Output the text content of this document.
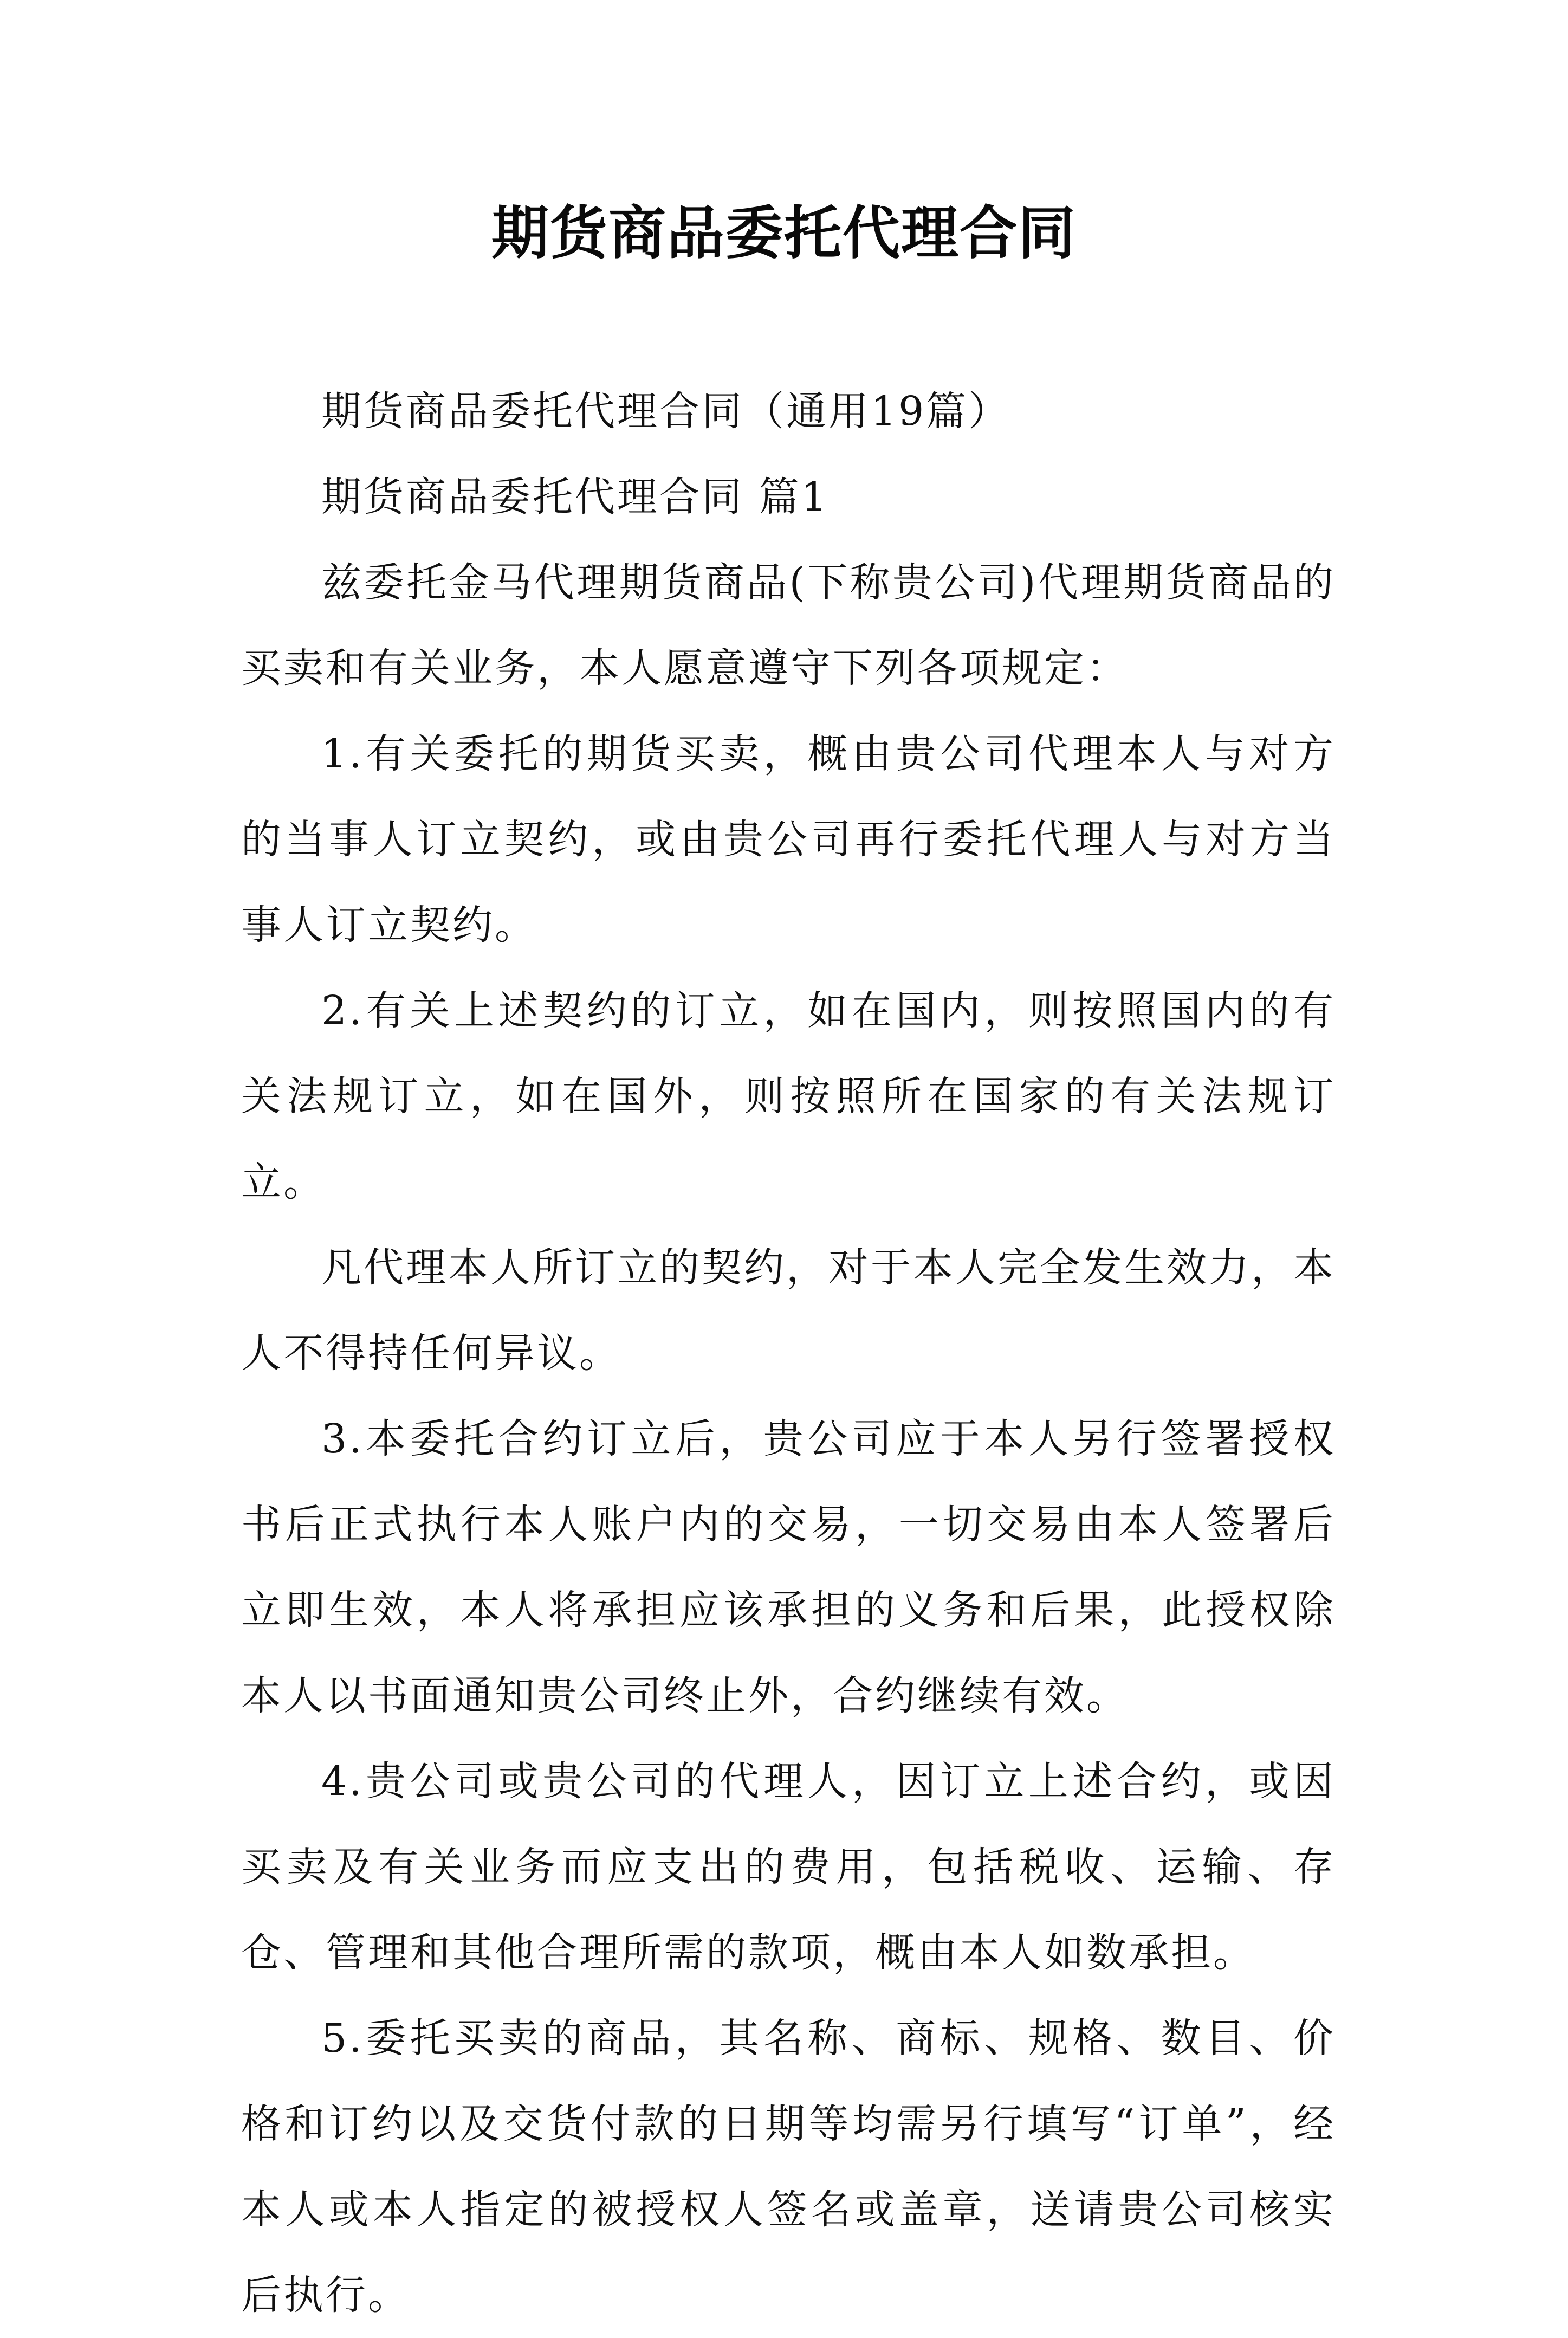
期货商品委托代理合同

期货商品委托代理合同（通用19篇）

期货商品委托代理合同 篇1

兹委托金马代理期货商品(下称贵公司)代理期货商品的买卖和有关业务，本人愿意遵守下列各项规定：

1.有关委托的期货买卖，概由贵公司代理本人与对方的当事人订立契约，或由贵公司再行委托代理人与对方当事人订立契约。

2.有关上述契约的订立，如在国内，则按照国内的有关法规订立，如在国外，则按照所在国家的有关法规订立。

凡代理本人所订立的契约，对于本人完全发生效力，本人不得持任何异议。

3.本委托合约订立后，贵公司应于本人另行签署授权书后正式执行本人账户内的交易，一切交易由本人签署后立即生效，本人将承担应该承担的义务和后果，此授权除本人以书面通知贵公司终止外，合约继续有效。

4.贵公司或贵公司的代理人，因订立上述合约，或因买卖及有关业务而应支出的费用，包括税收、运输、存仓、管理和其他合理所需的款项，概由本人如数承担。

5.委托买卖的商品，其名称、商标、规格、数目、价格和订约以及交货付款的日期等均需另行填写“订单”，经本人或本人指定的被授权人签名或盖章，送请贵公司核实后执行。
